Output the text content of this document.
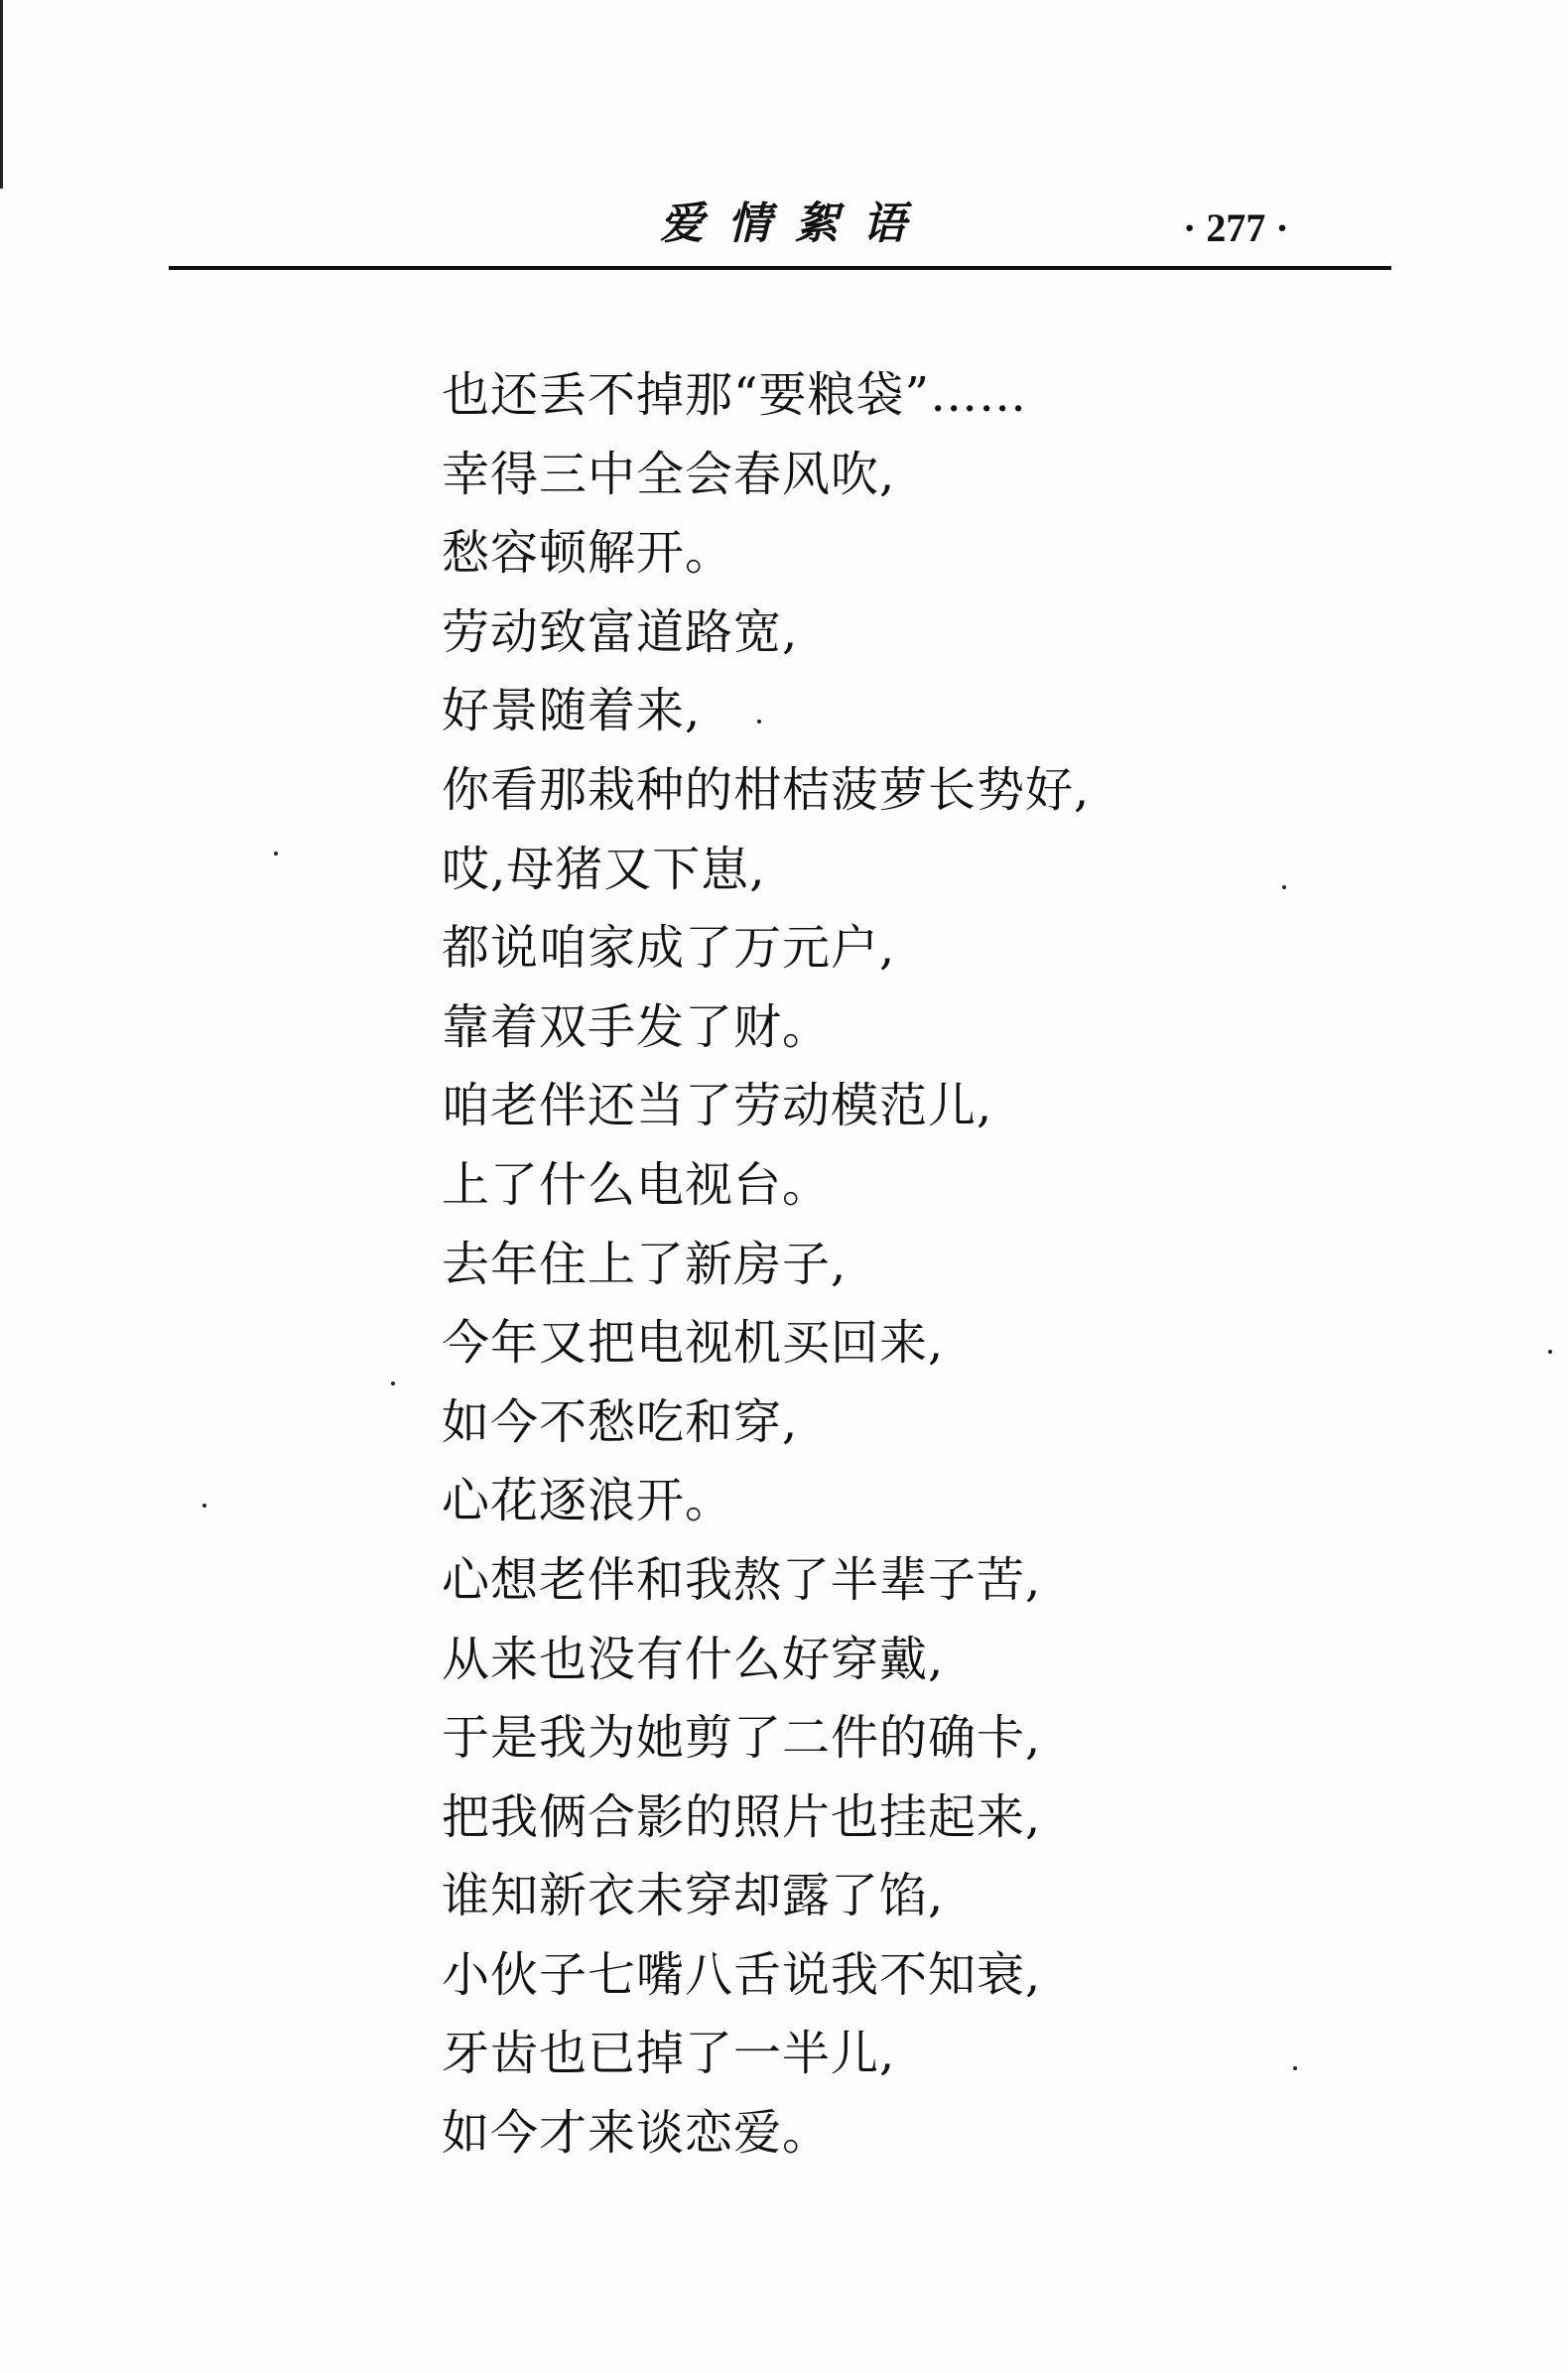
爱情絮语	· 277 ·
也还丢不掉那“要粮袋”……
幸得三中全会春风吹,
愁容顿解开。
劳动致富道路宽,
好景随着来,
你看那栽种的柑桔菠萝长势好,
哎,母猪又下崽,
都说咱家成了万元户,
靠着双手发了财。
咱老伴还当了劳动模范儿,
上了什么电视台。
去年住上了新房子,
今年又把电视机买回来,
如今不愁吃和穿,
心花逐浪开。
心想老伴和我熬了半辈子苦,
从来也没有什么好穿戴,
于是我为她剪了二件的确卡,
把我俩合影的照片也挂起来,
谁知新衣未穿却露了馅,
小伙子七嘴八舌说我不知衰,
牙齿也已掉了一半儿,
如今才来谈恋爱。
